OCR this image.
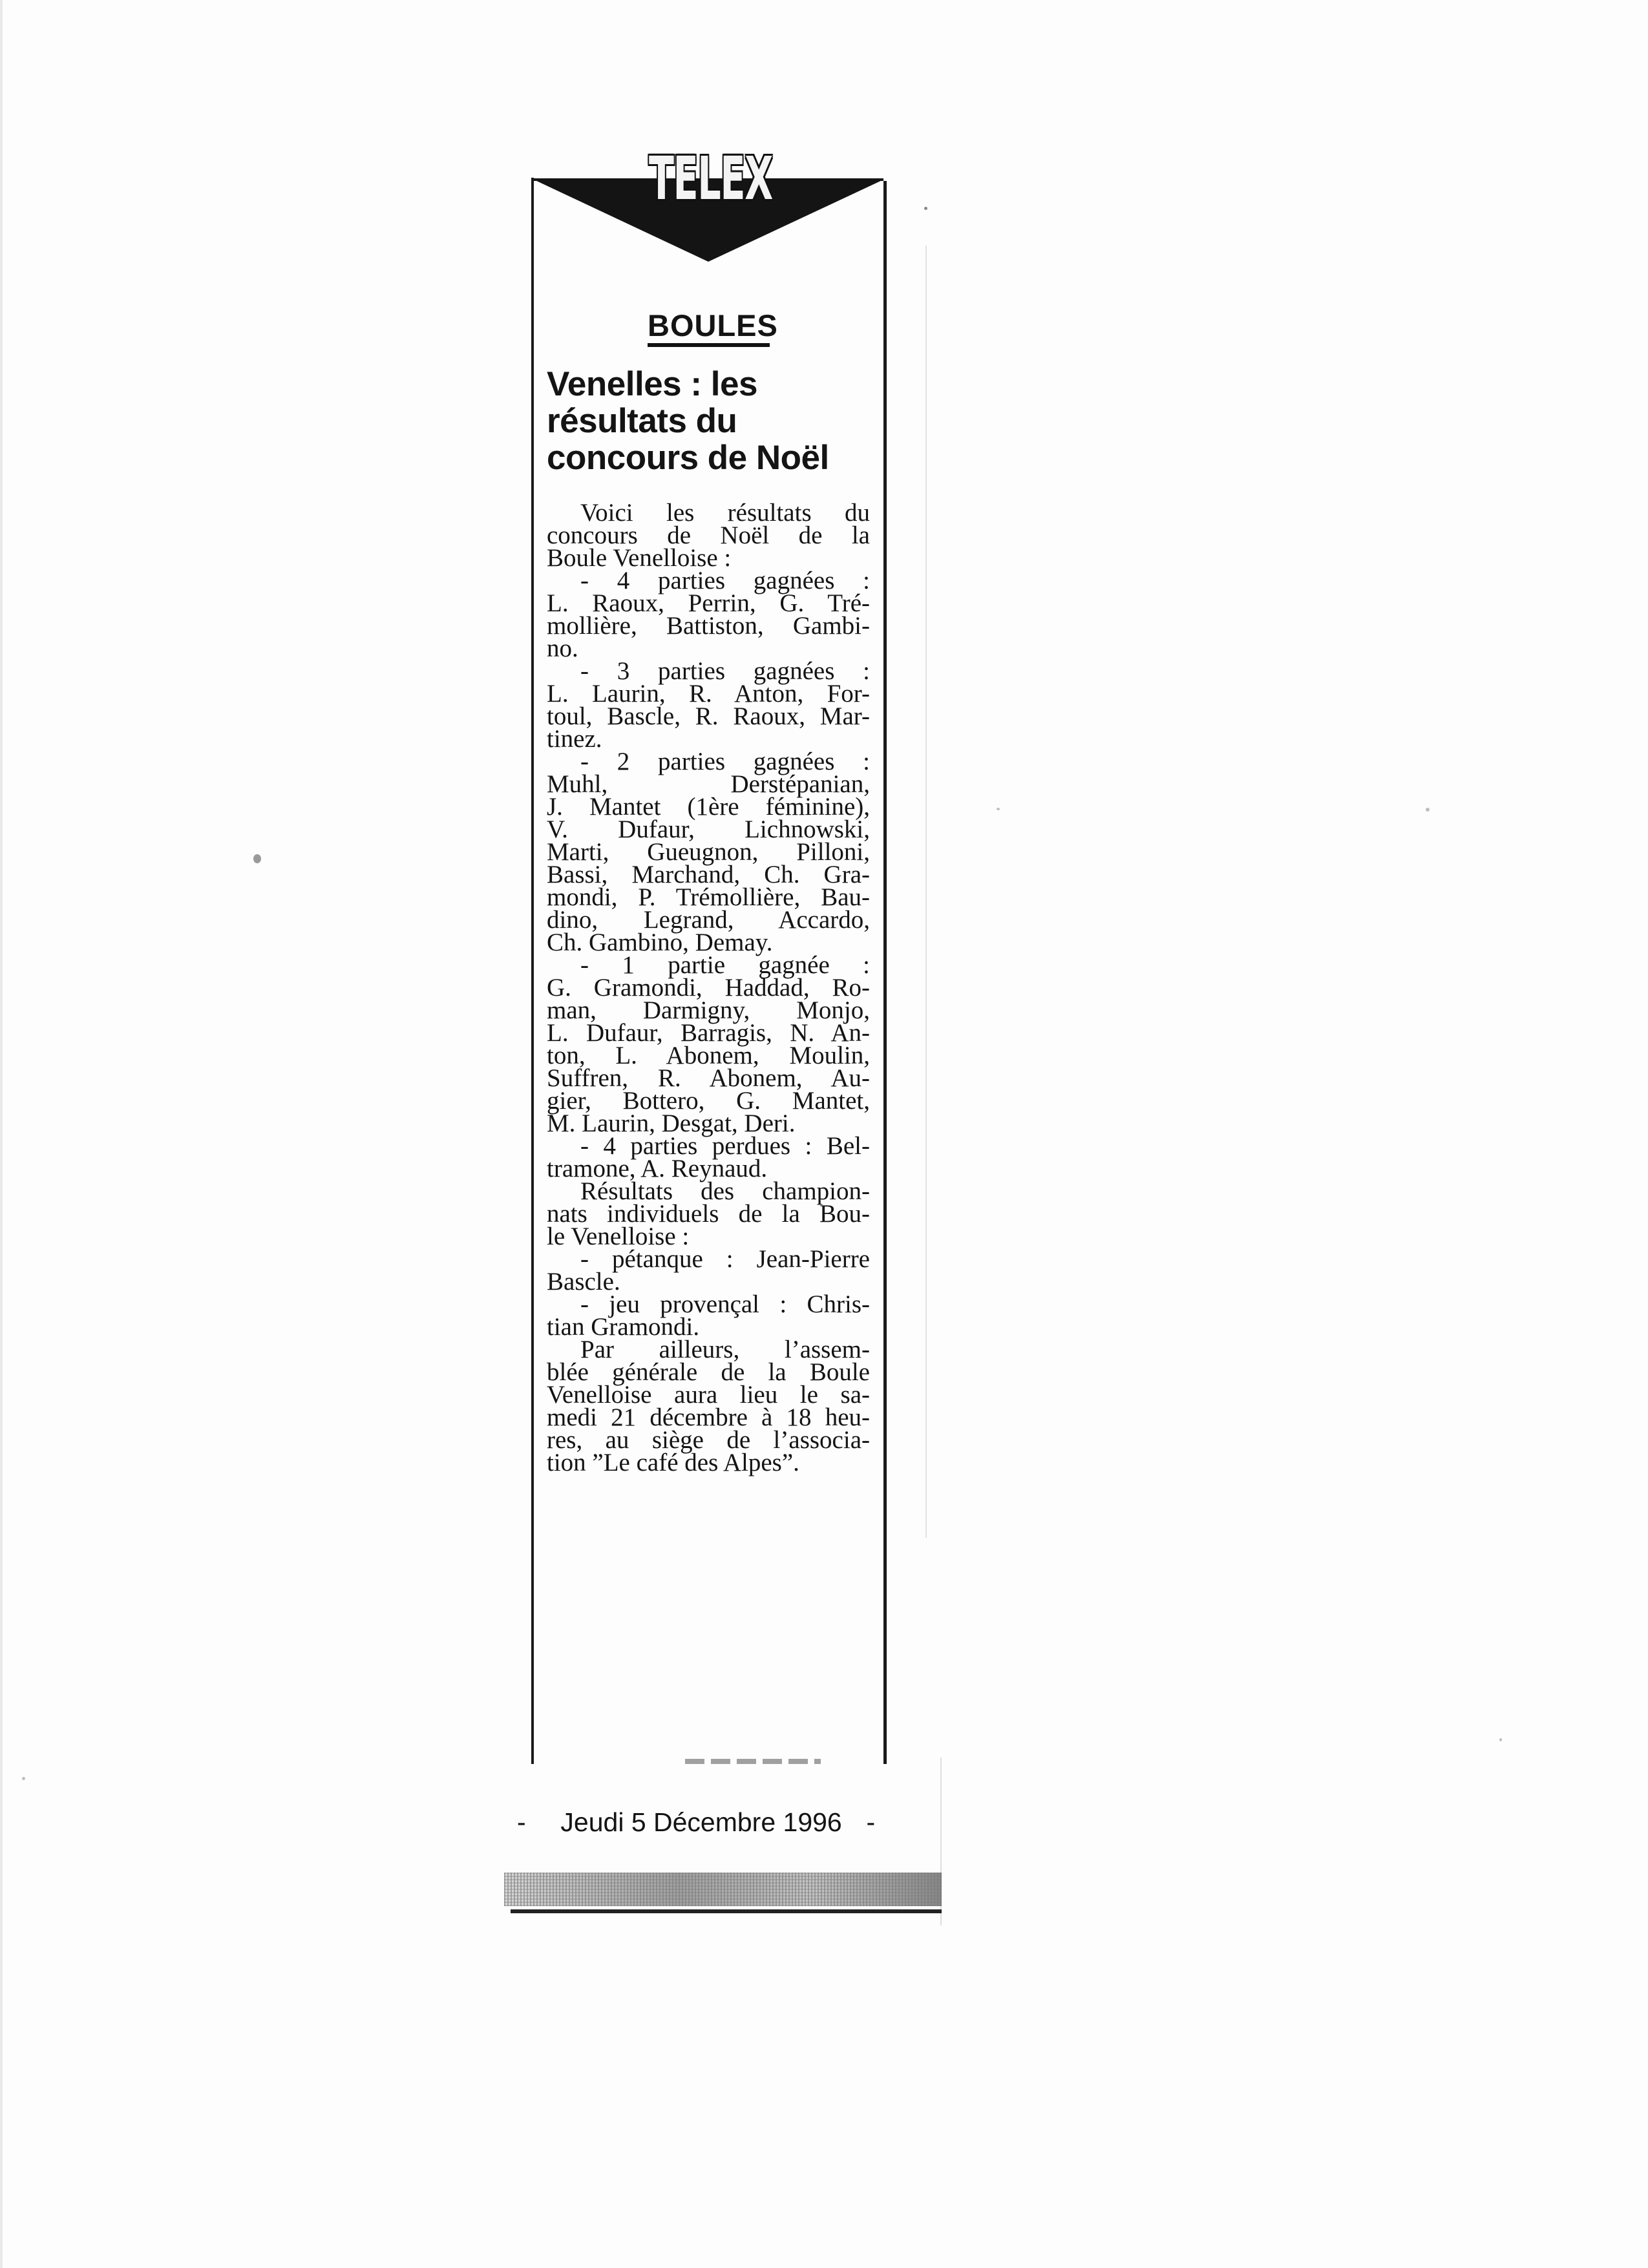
TELEX
BOULES
Venelles : les
résultats du
concours de Noël
Voici les résultats du
concours de Noël de la
Boule Venelloise :
- 4 parties gagnées :
L. Raoux, Perrin, G. Tré-
mollière, Battiston, Gambi-
no.
- 3 parties gagnées :
L. Laurin, R. Anton, For-
toul, Bascle, R. Raoux, Mar-
tinez.
- 2 parties gagnées :
Muhl, Derstépanian,
J. Mantet (1ère féminine),
V. Dufaur, Lichnowski,
Marti, Gueugnon, Pilloni,
Bassi, Marchand, Ch. Gra-
mondi, P. Trémollière, Bau-
dino, Legrand, Accardo,
Ch. Gambino, Demay.
- 1 partie gagnée :
G. Gramondi, Haddad, Ro-
man, Darmigny, Monjo,
L. Dufaur, Barragis, N. An-
ton, L. Abonem, Moulin,
Suffren, R. Abonem, Au-
gier, Bottero, G. Mantet,
M. Laurin, Desgat, Deri.
- 4 parties perdues : Bel-
tramone, A. Reynaud.
Résultats des champion-
nats individuels de la Bou-
le Venelloise :
- pétanque : Jean-Pierre
Bascle.
- jeu provençal : Chris-
tian Gramondi.
Par ailleurs, l’assem-
blée générale de la Boule
Venelloise aura lieu le sa-
medi 21 décembre à 18 heu-
res, au siège de l’associa-
tion ”Le café des Alpes”.
- Jeudi 5 Décembre 1996 -
